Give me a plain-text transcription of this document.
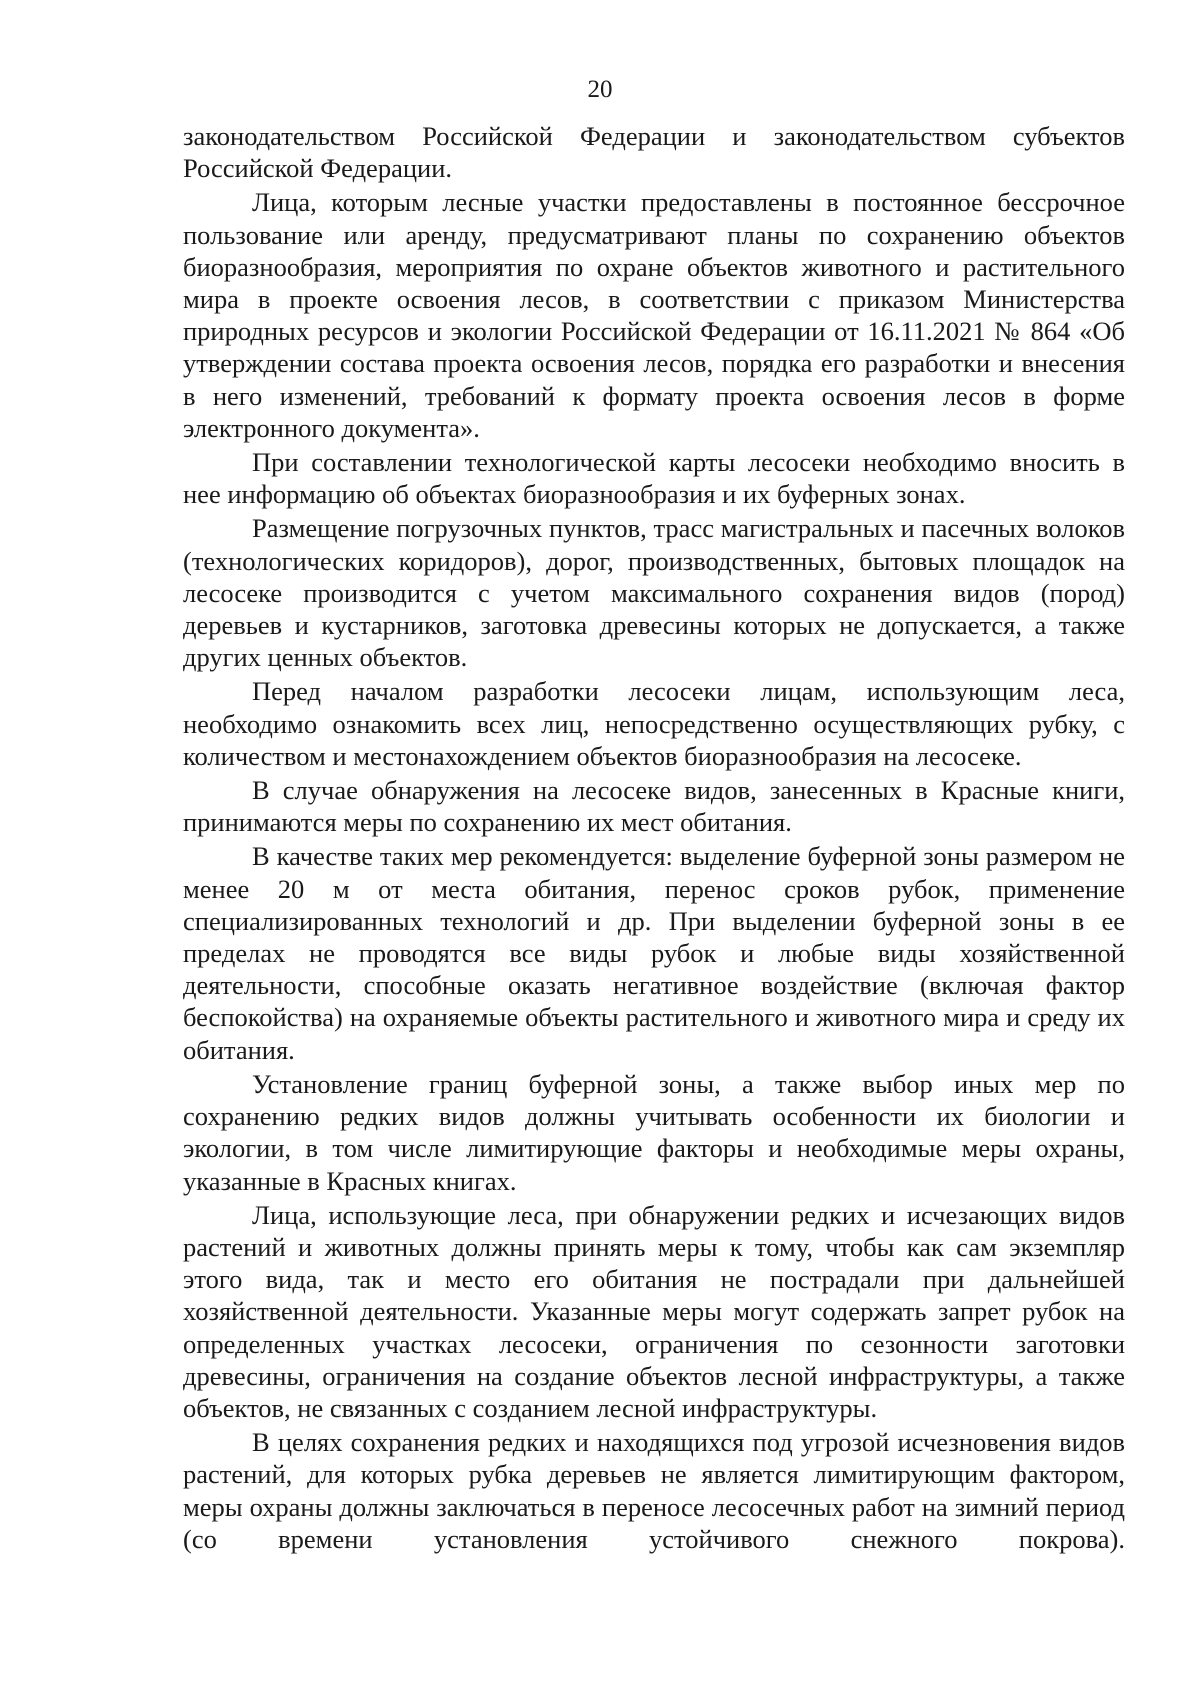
20

законодательством Российской Федерации и законодательством субъектов Российской Федерации.

Лица, которым лесные участки предоставлены в постоянное бессрочное пользование или аренду, предусматривают планы по сохранению объектов биоразнообразия, мероприятия по охране объектов животного и растительного мира в проекте освоения лесов, в соответствии с приказом Министерства природных ресурсов и экологии Российской Федерации от 16.11.2021 № 864 «Об утверждении состава проекта освоения лесов, порядка его разработки и внесения в него изменений, требований к формату проекта освоения лесов в форме электронного документа».

При составлении технологической карты лесосеки необходимо вносить в нее информацию об объектах биоразнообразия и их буферных зонах.

Размещение погрузочных пунктов, трасс магистральных и пасечных волоков (технологических коридоров), дорог, производственных, бытовых площадок на лесосеке производится с учетом максимального сохранения видов (пород) деревьев и кустарников, заготовка древесины которых не допускается, а также других ценных объектов.

Перед началом разработки лесосеки лицам, использующим леса, необходимо ознакомить всех лиц, непосредственно осуществляющих рубку, с количеством и местонахождением объектов биоразнообразия на лесосеке.

В случае обнаружения на лесосеке видов, занесенных в Красные книги, принимаются меры по сохранению их мест обитания.

В качестве таких мер рекомендуется: выделение буферной зоны размером не менее 20 м от места обитания, перенос сроков рубок, применение специализированных технологий и др. При выделении буферной зоны в ее пределах не проводятся все виды рубок и любые виды хозяйственной деятельности, способные оказать негативное воздействие (включая фактор беспокойства) на охраняемые объекты растительного и животного мира и среду их обитания.

Установление границ буферной зоны, а также выбор иных мер по сохранению редких видов должны учитывать особенности их биологии и экологии, в том числе лимитирующие факторы и необходимые меры охраны, указанные в Красных книгах.

Лица, использующие леса, при обнаружении редких и исчезающих видов растений и животных должны принять меры к тому, чтобы как сам экземпляр этого вида, так и место его обитания не пострадали при дальнейшей хозяйственной деятельности. Указанные меры могут содержать запрет рубок на определенных участках лесосеки, ограничения по сезонности заготовки древесины, ограничения на создание объектов лесной инфраструктуры, а также объектов, не связанных с созданием лесной инфраструктуры.

В целях сохранения редких и находящихся под угрозой исчезновения видов растений, для которых рубка деревьев не является лимитирующим фактором, меры охраны должны заключаться в переносе лесосечных работ на зимний период (со времени установления устойчивого снежного покрова).
